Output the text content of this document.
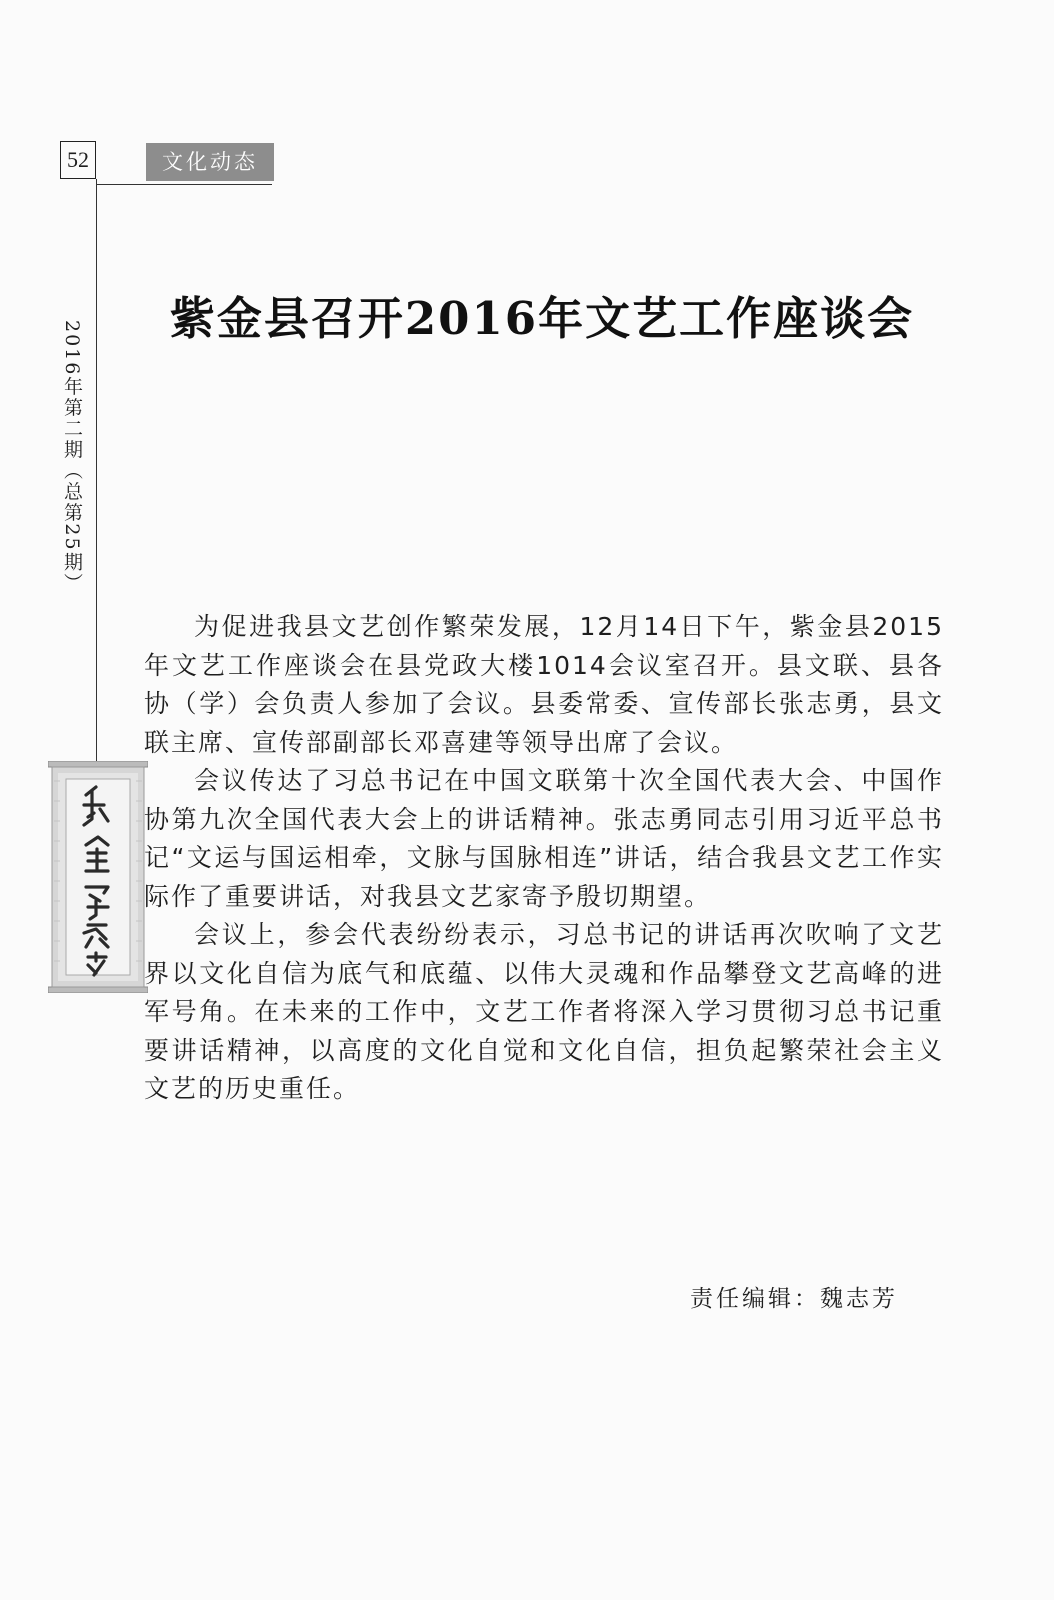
52	文化动态
2016年第二期（总第25期）
紫金县召开2016年文艺工作座谈会

为促进我县文艺创作繁荣发展，12月14日下午，紫金县2015年文艺工作座谈会在县党政大楼1014会议室召开。县文联、县各协（学）会负责人参加了会议。县委常委、宣传部长张志勇，县文联主席、宣传部副部长邓喜建等领导出席了会议。

会议传达了习总书记在中国文联第十次全国代表大会、中国作协第九次全国代表大会上的讲话精神。张志勇同志引用习近平总书记“文运与国运相牵，文脉与国脉相连”讲话，结合我县文艺工作实际作了重要讲话，对我县文艺家寄予殷切期望。

会议上，参会代表纷纷表示，习总书记的讲话再次吹响了文艺界以文化自信为底气和底蕴、以伟大灵魂和作品攀登文艺高峰的进军号角。在未来的工作中，文艺工作者将深入学习贯彻习总书记重要讲话精神，以高度的文化自觉和文化自信，担负起繁荣社会主义文艺的历史重任。

责任编辑：魏志芳
